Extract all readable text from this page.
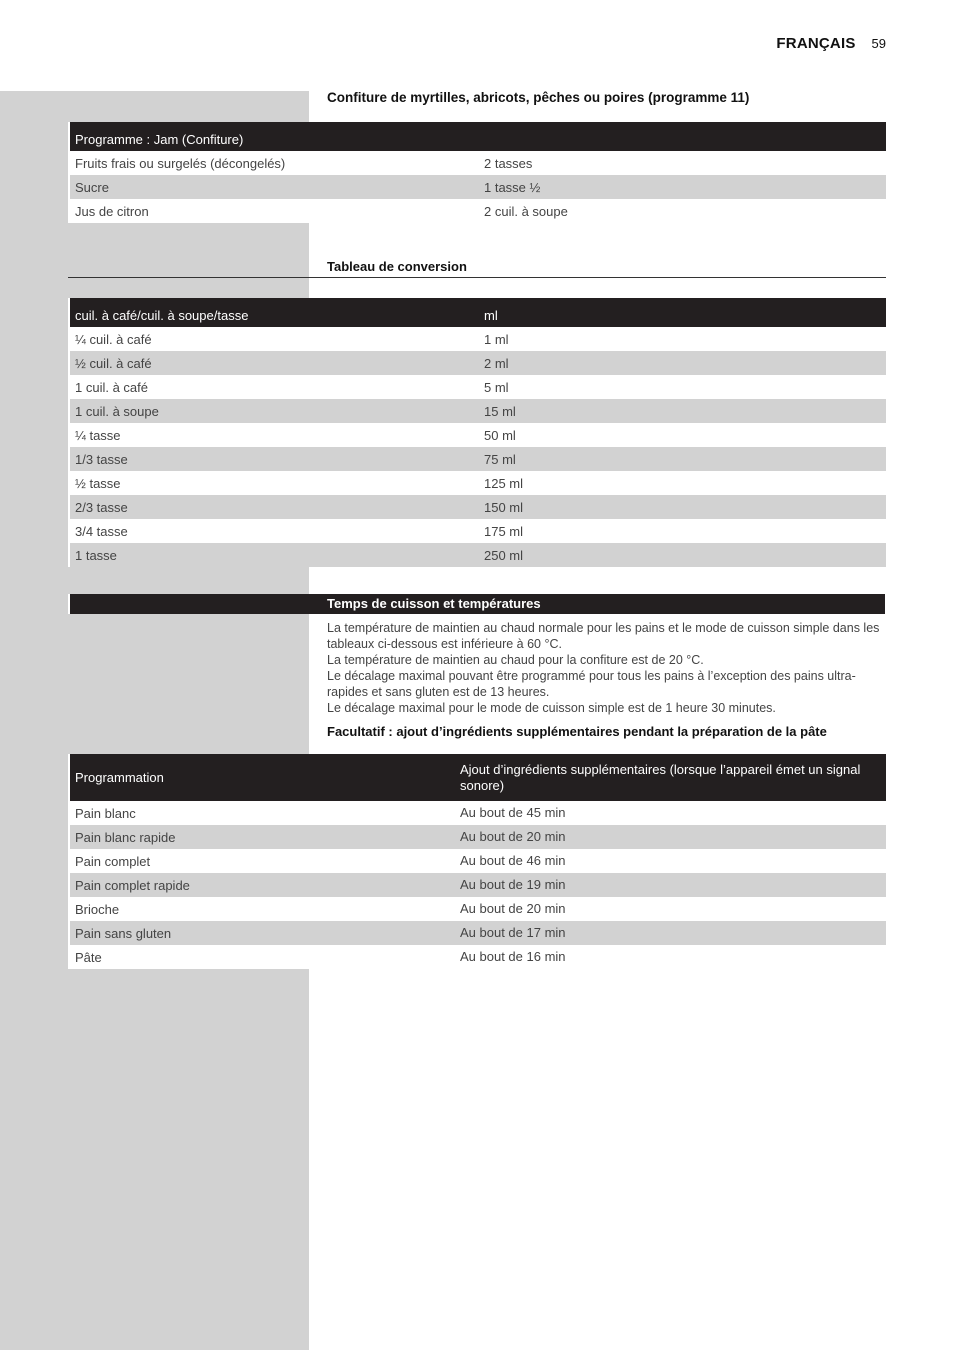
FRANÇAIS 59
Confiture de myrtilles, abricots, pêches ou poires (programme 11)
Programme : Jam (Confiture)
Fruits frais ou surgelés (décongelés)	2 tasses
Sucre	1 tasse ½
Jus de citron	2 cuil. à soupe
Tableau de conversion
cuil. à café/cuil. à soupe/tasse	ml
¼ cuil. à café	1 ml
½ cuil. à café	2 ml
1 cuil. à café	5 ml
1 cuil. à soupe	15 ml
¼ tasse	50 ml
1/3 tasse	75 ml
½ tasse	125 ml
2/3 tasse	150 ml
3/4 tasse	175 ml
1 tasse	250 ml
Temps de cuisson et températures

La température de maintien au chaud normale pour les pains et le mode de cuisson simple dans les tableaux ci-dessous est inférieure à 60 °C.

La température de maintien au chaud pour la confiture est de 20 °C.

Le décalage maximal pouvant être programmé pour tous les pains à l’exception des pains ultra-rapides et sans gluten est de 13 heures.

Le décalage maximal pour le mode de cuisson simple est de 1 heure 30 minutes.

Facultatif : ajout d’ingrédients supplémentaires pendant la préparation de la pâte
Programmation
Ajout d’ingrédients supplémentaires (lorsque l’appareil émet un signal sonore)
Pain blanc	Au bout de 45 min
Pain blanc rapide	Au bout de 20 min
Pain complet	Au bout de 46 min
Pain complet rapide	Au bout de 19 min
Brioche	Au bout de 20 min
Pain sans gluten	Au bout de 17 min
Pâte	Au bout de 16 min
